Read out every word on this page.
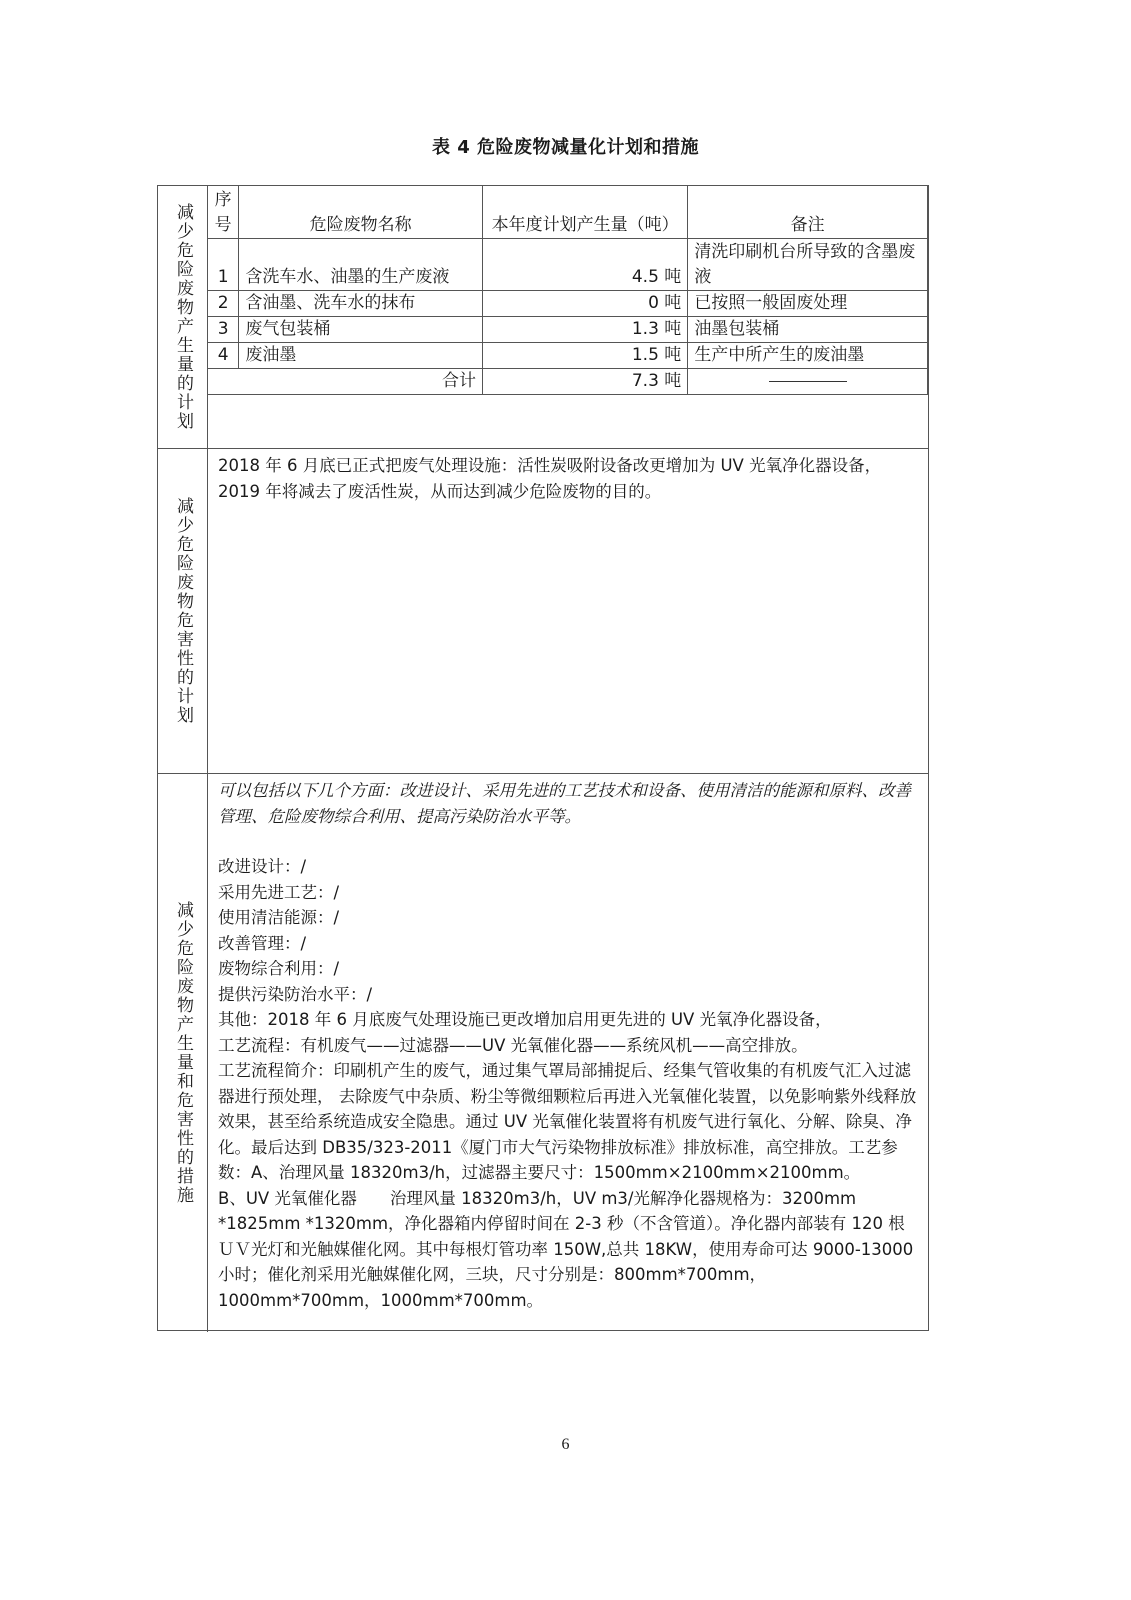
表 4 危险废物减量化计划和措施
减少危险废物产生量的计划
序号	危险废物名称	本年度计划产生量（吨）	备注
1	含洗车水、油墨的生产废液	4.5 吨	清洗印刷机台所导致的含墨废液
2	含油墨、洗车水的抹布	0 吨	已按照一般固废处理
3	废气包装桶	1.3 吨	油墨包装桶
4	废油墨	1.5 吨	生产中所产生的废油墨
合计		7.3 吨	
减少危险废物危害性的计划

2018 年 6 月底已正式把废气处理设施：活性炭吸附设备改更增加为 UV 光氧净化器设备，2019 年将减去了废活性炭，从而达到减少危险废物的目的。

减少危险废物产生量和危害性的措施

可以包括以下几个方面：改进设计、采用先进的工艺技术和设备、使用清洁的能源和原料、改善管理、危险废物综合利用、提高污染防治水平等。

改进设计：/

采用先进工艺：/

使用清洁能源：/

改善管理：/

废物综合利用：/

提供污染防治水平：/

其他：2018 年 6 月底废气处理设施已更改增加启用更先进的 UV 光氧净化器设备，

工艺流程：有机废气——过滤器——UV 光氧催化器——系统风机——高空排放。

工艺流程简介：印刷机产生的废气，通过集气罩局部捕捉后、经集气管收集的有机废气汇入过滤器进行预处理， 去除废气中杂质、粉尘等微细颗粒后再进入光氧催化装置，以免影响紫外线释放效果，甚至给系统造成安全隐患。通过 UV 光氧催化装置将有机废气进行氧化、分解、除臭、净化。最后达到 DB35/323-2011《厦门市大气污染物排放标准》排放标准，高空排放。工艺参数：A、治理风量 18320m3/h，过滤器主要尺寸：1500mm×2100mm×2100mm。

B、UV 光氧催化器　　治理风量 18320m3/h，UV m3/光解净化器规格为：3200mm *1825mm *1320mm，净化器箱内停留时间在 2-3 秒（不含管道）。净化器内部装有 120 根ＵＶ光灯和光触媒催化网。其中每根灯管功率 150W,总共 18KW，使用寿命可达 9000-13000 小时；催化剂采用光触媒催化网，三块，尺寸分别是：800mm*700mm，1000mm*700mm，1000mm*700mm。

6
